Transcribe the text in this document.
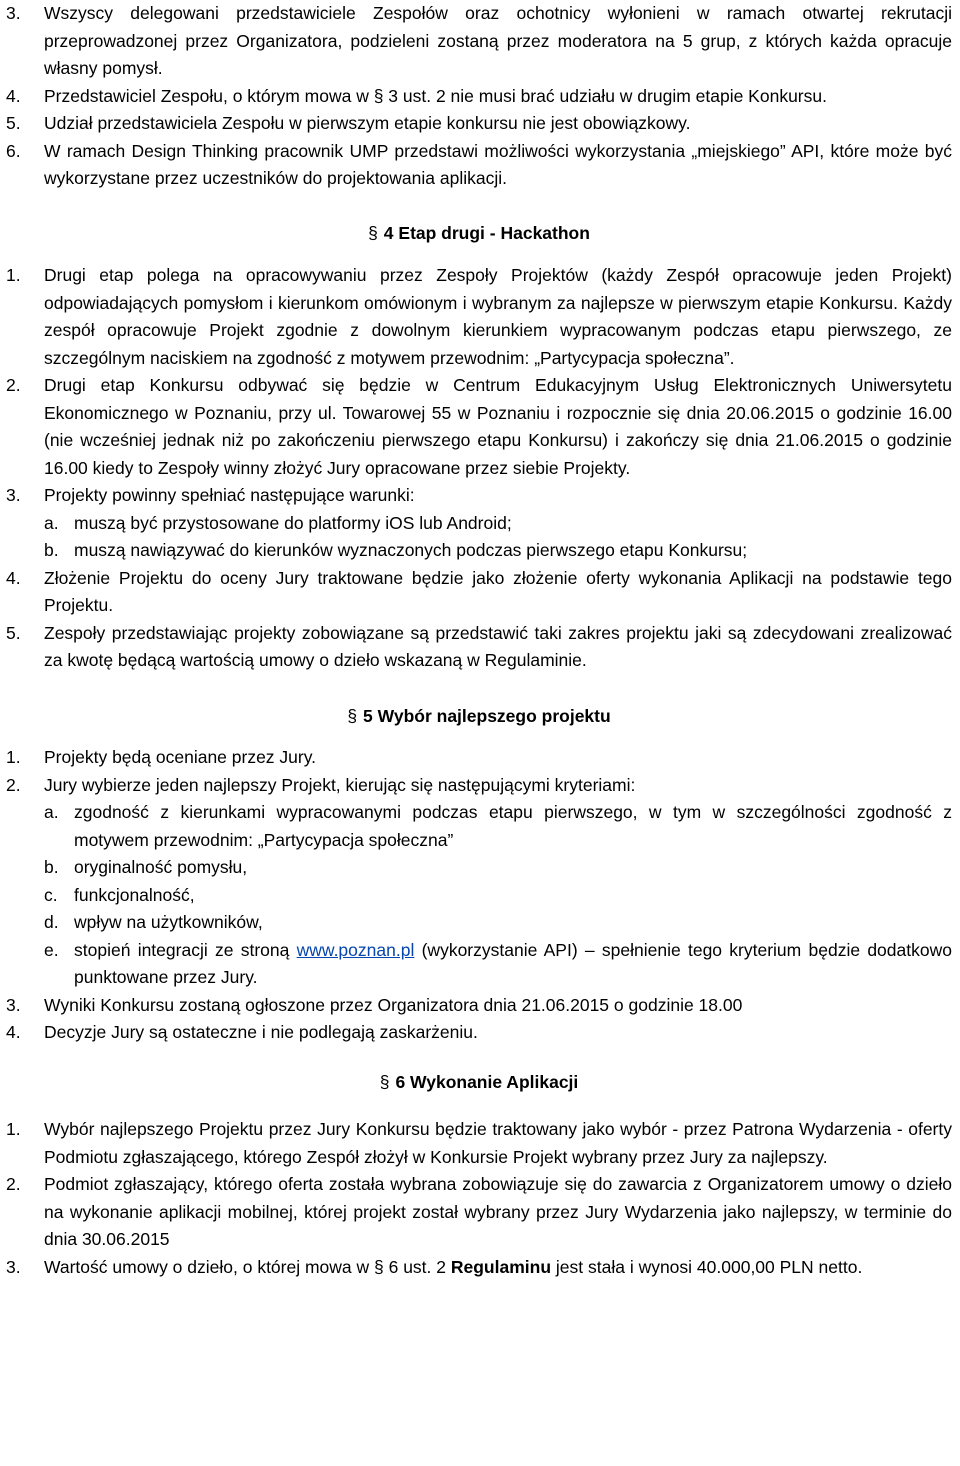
3.	Wszyscy delegowani przedstawiciele Zespołów oraz ochotnicy wyłonieni w ramach otwartej rekrutacji przeprowadzonej przez Organizatora, podzieleni zostaną przez moderatora na 5 grup, z których każda opracuje własny pomysł.
4.	Przedstawiciel Zespołu, o którym mowa w § 3 ust. 2 nie musi brać udziału w drugim etapie Konkursu.
5.	Udział przedstawiciela Zespołu w pierwszym etapie konkursu nie jest obowiązkowy.
6.	W ramach Design Thinking pracownik UMP przedstawi możliwości wykorzystania „miejskiego” API, które może być wykorzystane przez uczestników do projektowania aplikacji.
§ 4 Etap drugi - Hackathon
1.	Drugi etap polega na opracowywaniu przez Zespoły Projektów (każdy Zespół opracowuje jeden Projekt) odpowiadających pomysłom i kierunkom omówionym i wybranym za najlepsze w pierwszym etapie Konkursu. Każdy zespół opracowuje Projekt zgodnie z dowolnym kierunkiem wypracowanym podczas etapu pierwszego, ze szczególnym naciskiem na zgodność z motywem przewodnim: „Partycypacja społeczna”.
2.	Drugi etap Konkursu odbywać się będzie w Centrum Edukacyjnym Usług Elektronicznych Uniwersytetu Ekonomicznego w Poznaniu, przy ul. Towarowej 55 w Poznaniu i rozpocznie się dnia 20.06.2015 o godzinie 16.00 (nie wcześniej jednak niż po zakończeniu pierwszego etapu Konkursu) i zakończy się dnia 21.06.2015 o godzinie 16.00 kiedy to Zespoły winny złożyć Jury opracowane przez siebie Projekty.
3.	Projekty powinny spełniać następujące warunki:
a. muszą być przystosowane do platformy iOS lub Android;
b. muszą nawiązywać do kierunków wyznaczonych podczas pierwszego etapu Konkursu;
4.	Złożenie Projektu do oceny Jury traktowane będzie jako złożenie oferty wykonania Aplikacji na podstawie tego Projektu.
5.	Zespoły przedstawiając projekty zobowiązane są przedstawić taki zakres projektu jaki są zdecydowani zrealizować za kwotę będącą wartością umowy o dzieło wskazaną w Regulaminie.
§ 5 Wybór najlepszego projektu
1.	Projekty będą oceniane przez Jury.
2.	Jury wybierze jeden najlepszy Projekt, kierując się następującymi kryteriami:
a. zgodność z kierunkami wypracowanymi podczas etapu pierwszego, w tym w szczególności zgodność z motywem przewodnim: „Partycypacja społeczna”
b. oryginalność pomysłu,
c. funkcjonalność,
d. wpływ na użytkowników,
e. stopień integracji ze stroną www.poznan.pl (wykorzystanie API) – spełnienie tego kryterium będzie dodatkowo punktowane przez Jury.
3.	Wyniki Konkursu zostaną ogłoszone przez Organizatora dnia 21.06.2015 o godzinie 18.00
4.	Decyzje Jury są ostateczne i nie podlegają zaskarżeniu.
§ 6 Wykonanie Aplikacji
1.	Wybór najlepszego Projektu przez Jury Konkursu będzie traktowany jako wybór - przez Patrona Wydarzenia - oferty Podmiotu zgłaszającego, którego Zespół złożył w Konkursie Projekt wybrany przez Jury za najlepszy.
2.	Podmiot zgłaszający, którego oferta została wybrana zobowiązuje się do zawarcia z Organizatorem umowy o dzieło na wykonanie aplikacji mobilnej, której projekt został wybrany przez Jury Wydarzenia jako najlepszy, w terminie do dnia 30.06.2015
3.	Wartość umowy o dzieło, o której mowa w § 6 ust. 2 Regulaminu jest stała i wynosi 40.000,00 PLN netto.
